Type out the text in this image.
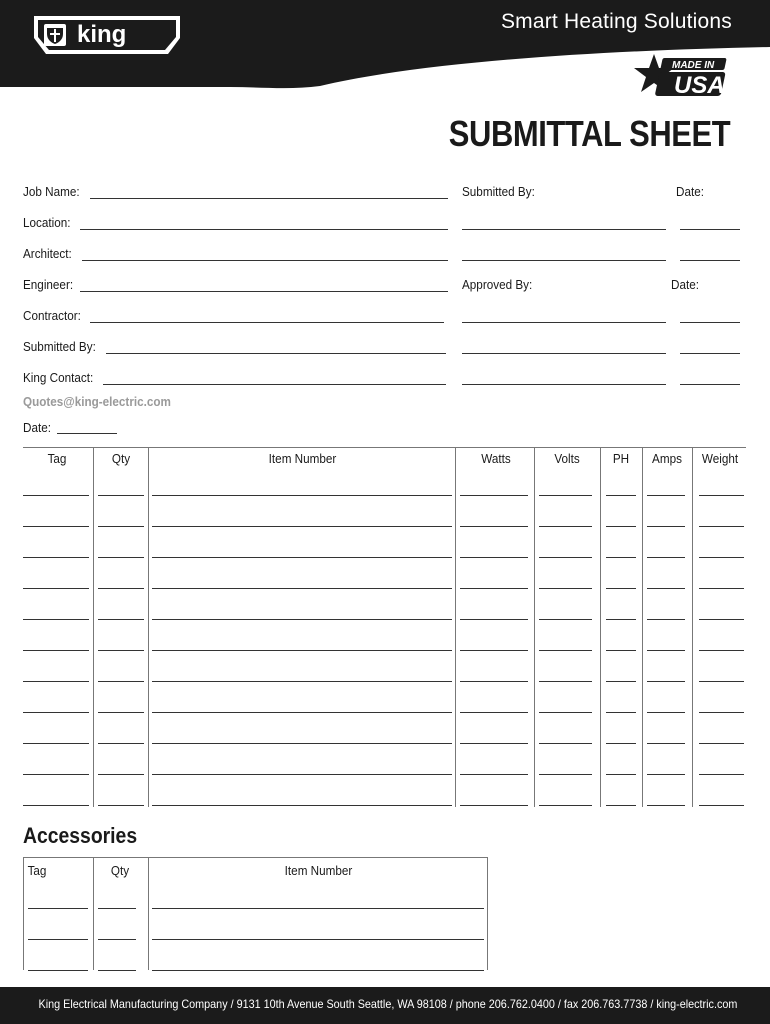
king	Smart Heating Solutions
MADE IN
USA
SUBMITTAL SHEET
Job Name:
Location:
Architect:
Engineer:
Contractor:
Submitted By:
King Contact:
Quotes@king-electric.com
Date:
Submitted By:	Date:
Approved By:	Date:
Tag	Qty	Item Number	Watts	Volts	PH	Amps	Weight
Accessories
Tag	Qty	Item Number
King Electrical Manufacturing Company / 9131 10th Avenue South Seattle, WA 98108 / phone 206.762.0400 / fax 206.763.7738 / king-electric.com
